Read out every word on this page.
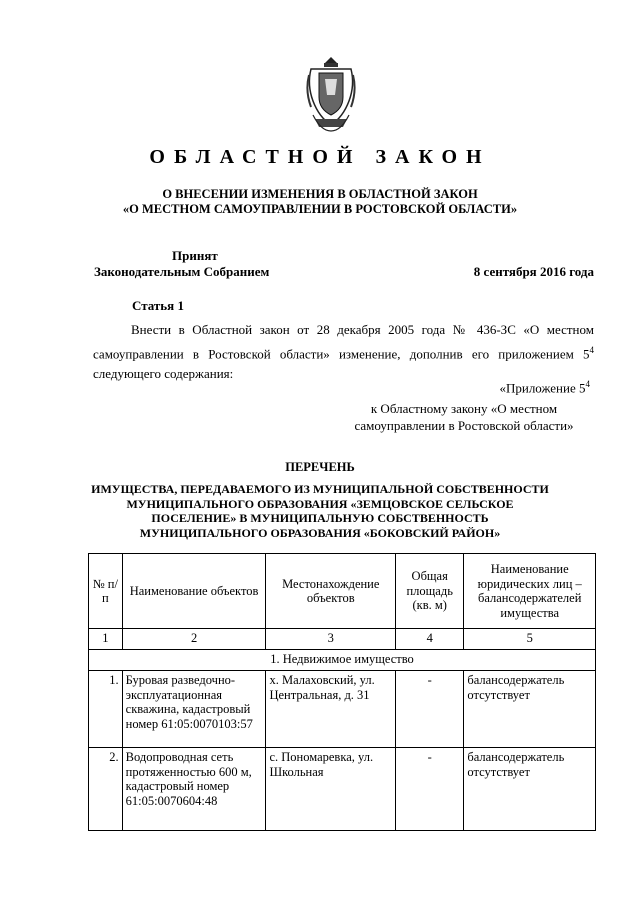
ОБЛАСТНОЙ ЗАКОН
О ВНЕСЕНИИ ИЗМЕНЕНИЯ В ОБЛАСТНОЙ ЗАКОН
«О МЕСТНОМ САМОУПРАВЛЕНИИ В РОСТОВСКОЙ ОБЛАСТИ»
Принят
Законодательным Собранием	8 сентября 2016 года
Статья 1

Внести в Областной закон от 28 декабря 2005 года № 436-ЗС «О местном самоуправлении в Ростовской области» изменение, дополнив его приложением $5^4$ следующего содержания:

«Приложение $5^4$
к Областному закону «О местном
самоуправлении в Ростовской области»
ПЕРЕЧЕНЬ
ИМУЩЕСТВА, ПЕРЕДАВАЕМОГО ИЗ МУНИЦИПАЛЬНОЙ СОБСТВЕННОСТИ
МУНИЦИПАЛЬНОГО ОБРАЗОВАНИЯ «ЗЕМЦОВСКОЕ СЕЛЬСКОЕ
ПОСЕЛЕНИЕ» В МУНИЦИПАЛЬНУЮ СОБСТВЕННОСТЬ
МУНИЦИПАЛЬНОГО ОБРАЗОВАНИЯ «БОКОВСКИЙ РАЙОН»
№ п/п	Наименование объектов	Местонахождение объектов	Общая площадь (кв. м)	Наименование юридических лиц – балансодержателей имущества
1	2	3	4	5
1. Недвижимое имущество				
1.	Буровая разведочно-эксплуатационная скважина, кадастровый номер 61:05:0070103:57	х. Малаховский, ул. Центральная, д. 31	-	балансодержатель отсутствует
2.	Водопроводная сеть протяженностью 600 м, кадастровый номер 61:05:0070604:48	с. Пономаревка, ул. Школьная	-	балансодержатель отсутствует
